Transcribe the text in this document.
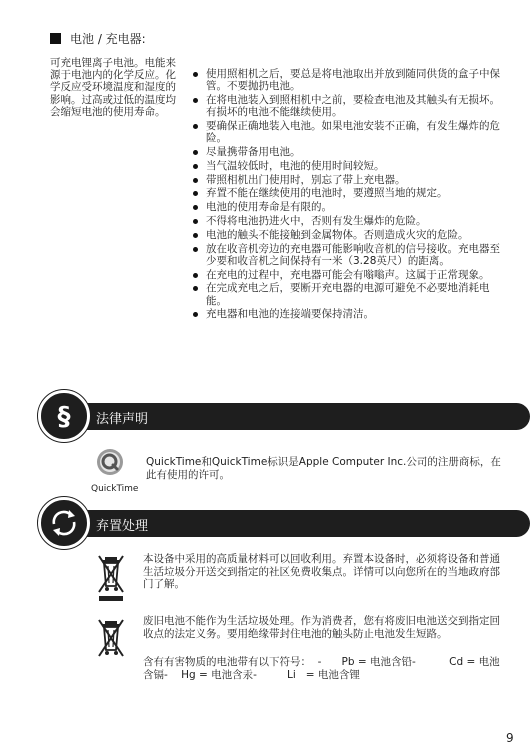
电池 / 充电器:
可充电锂离子电池。电能来源于电池内的化学反应。化学反应受环境温度和湿度的影响。过高或过低的温度均会缩短电池的使用寿命。
使用照相机之后，要总是将电池取出并放到随同供货的盒子中保管。不要抛扔电池。
在将电池装入到照相机中之前，要检查电池及其触头有无损坏。有损坏的电池不能继续使用。
要确保正确地装入电池。如果电池安装不正确，有发生爆炸的危险。
尽量携带备用电池。
当气温较低时，电池的使用时间较短。
带照相机出门使用时，别忘了带上充电器。
弃置不能在继续使用的电池时，要遵照当地的规定。
电池的使用寿命是有限的。
不得将电池扔进火中，否则有发生爆炸的危险。
电池的触头不能接触到金属物体。否则造成火灾的危险。
放在收音机旁边的充电器可能影响收音机的信号接收。充电器至少要和收音机之间保持有一米（3.28英尺）的距离。
在充电的过程中，充电器可能会有嗡嗡声。这属于正常现象。
在完成充电之后，要断开充电器的电源可避免不必要地消耗电能。
充电器和电池的连接端要保持清洁。
§ 法律声明
QuickTime
QuickTime和QuickTime标识是Apple Computer Inc.公司的注册商标，在此有使用的许可。
弃置处理
本设备中采用的高质量材料可以回收利用。弃置本设备时，必须将设备和普通生活垃圾分开送交到指定的社区免费收集点。详情可以向您所在的当地政府部门了解。
废旧电池不能作为生活垃圾处理。作为消费者，您有将废旧电池送交到指定回收点的法定义务。要用绝缘带封住电池的触头防止电池发生短路。
含有有害物质的电池带有以下符号：  -      Pb = 电池含铅-          Cd = 电池含镉-    Hg = 电池含汞-         Li   = 电池含锂
9
